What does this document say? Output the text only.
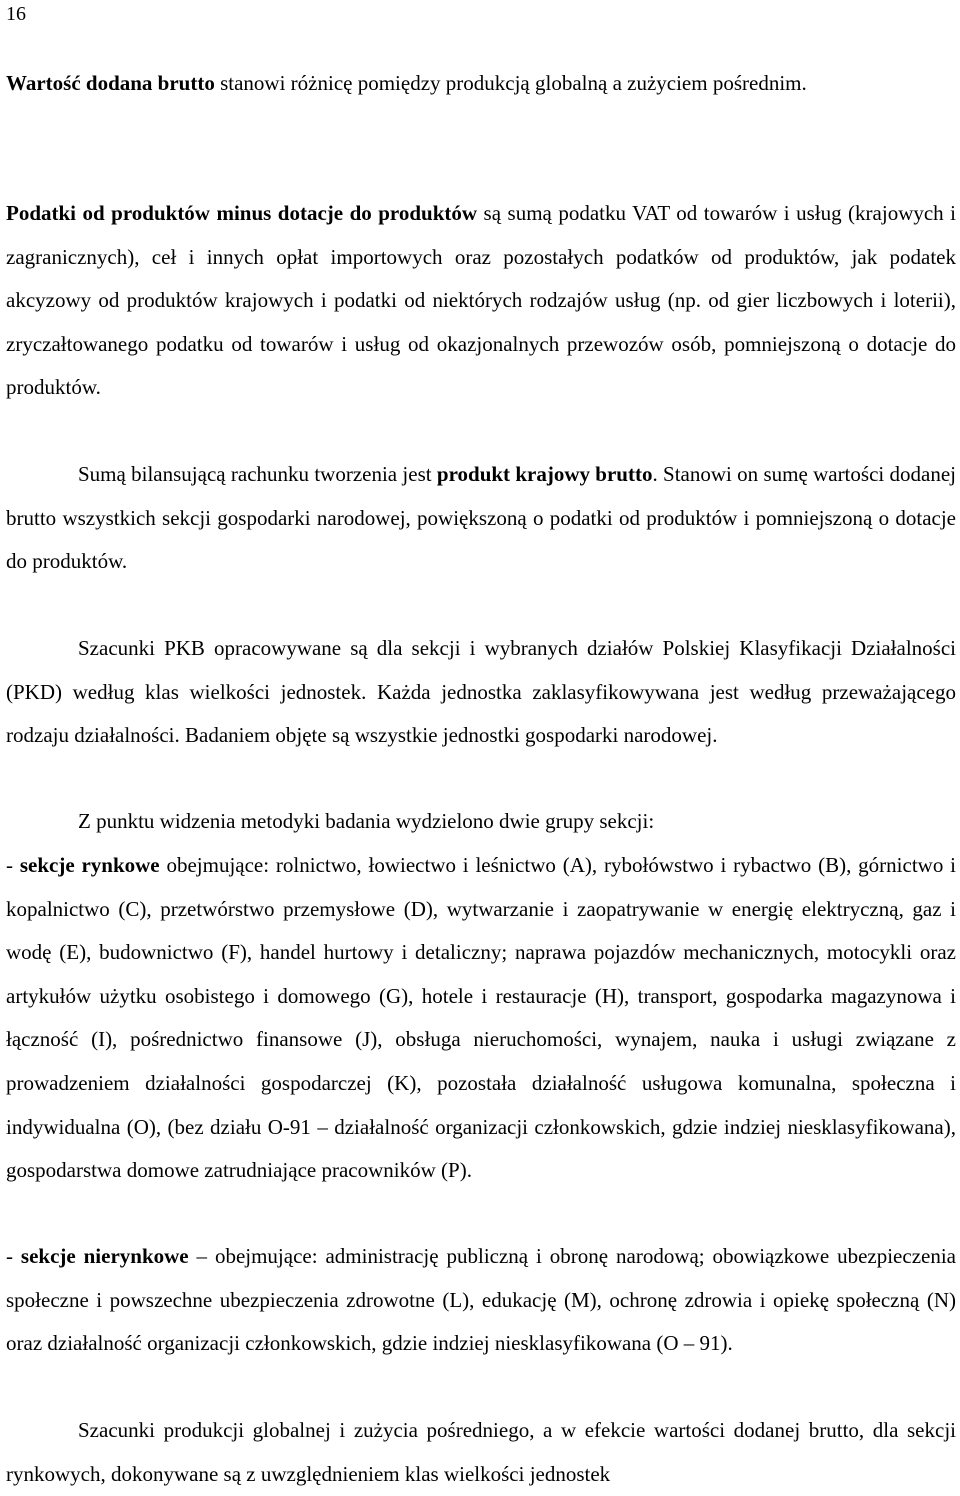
16

Wartość dodana brutto stanowi różnicę pomiędzy produkcją globalną a zużyciem pośrednim.

Podatki od produktów minus dotacje do produktów są sumą podatku VAT od towarów i usług (krajowych i zagranicznych), ceł i innych opłat importowych oraz pozostałych podatków od produktów, jak podatek akcyzowy od produktów krajowych i podatki od niektórych rodzajów usług (np. od gier liczbowych i loterii), zryczałtowanego podatku od towarów i usług od okazjonalnych przewozów osób, pomniejszoną o dotacje do produktów.

Sumą bilansującą rachunku tworzenia jest produkt krajowy brutto. Stanowi on sumę wartości dodanej brutto wszystkich sekcji gospodarki narodowej, powiększoną o podatki od produktów i pomniejszoną o dotacje do produktów.

Szacunki PKB opracowywane są dla sekcji i wybranych działów Polskiej Klasyfikacji Działalności (PKD) według klas wielkości jednostek. Każda jednostka zaklasyfikowywana jest według przeważającego rodzaju działalności. Badaniem objęte są wszystkie jednostki gospodarki narodowej.

Z punktu widzenia metodyki badania wydzielono dwie grupy sekcji:

- sekcje rynkowe obejmujące: rolnictwo, łowiectwo i leśnictwo (A), rybołówstwo i rybactwo (B), górnictwo i kopalnictwo (C), przetwórstwo przemysłowe (D), wytwarzanie i zaopatrywanie w energię elektryczną, gaz i wodę (E), budownictwo (F), handel hurtowy i detaliczny; naprawa pojazdów mechanicznych, motocykli oraz artykułów użytku osobistego i domowego (G), hotele i restauracje (H), transport, gospodarka magazynowa i łączność (I), pośrednictwo finansowe (J), obsługa nieruchomości, wynajem, nauka i usługi związane z prowadzeniem działalności gospodarczej (K), pozostała działalność usługowa komunalna, społeczna i indywidualna (O), (bez działu O-91 – działalność organizacji członkowskich, gdzie indziej niesklasyfikowana), gospodarstwa domowe zatrudniające pracowników (P).

- sekcje nierynkowe – obejmujące: administrację publiczną i obronę narodową; obowiązkowe ubezpieczenia społeczne i powszechne ubezpieczenia zdrowotne (L), edukację (M), ochronę zdrowia i opiekę społeczną (N) oraz działalność organizacji członkowskich, gdzie indziej niesklasyfikowana (O – 91).

Szacunki produkcji globalnej i zużycia pośredniego, a w efekcie wartości dodanej brutto, dla sekcji rynkowych, dokonywane są z uwzględnieniem klas wielkości jednostek
